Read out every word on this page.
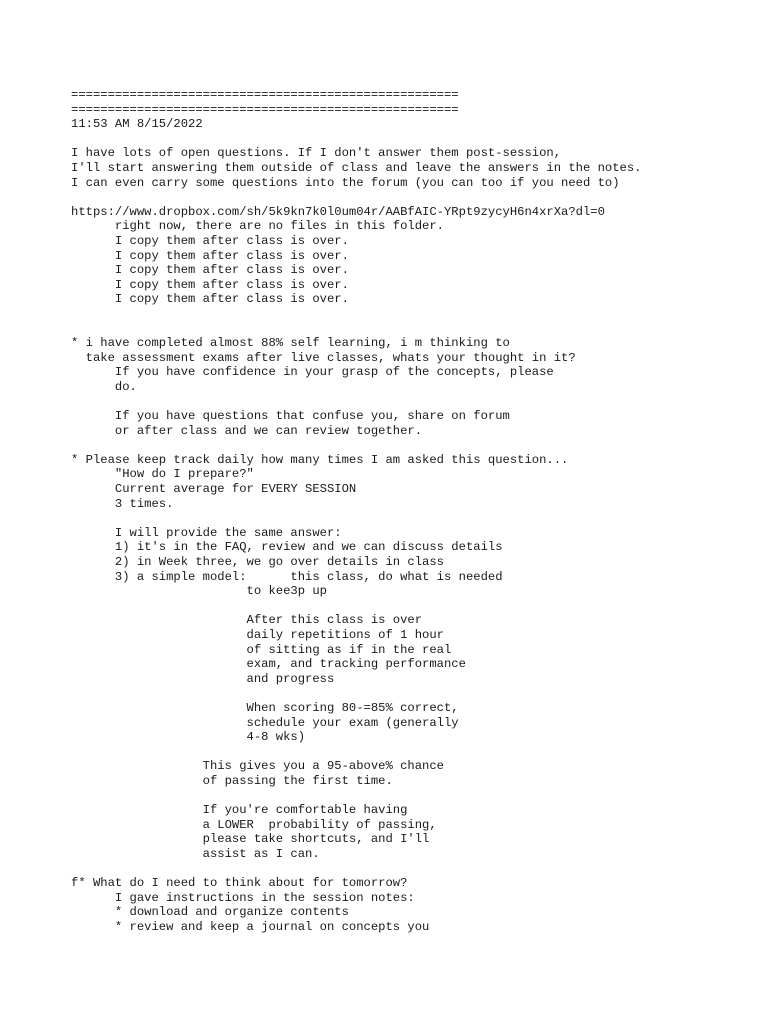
=====================================================
=====================================================
11:53 AM 8/15/2022
I have lots of open questions. If I don't answer them post-session,
I'll start answering them outside of class and leave the answers in the notes.
I can even carry some questions into the forum (you can too if you need to)
https://www.dropbox.com/sh/5k9kn7k0l0um04r/AABfAIC-YRpt9zycyH6n4xrXa?dl=0
right now, there are no files in this folder.
I copy them after class is over.
I copy them after class is over.
I copy them after class is over.
I copy them after class is over.
I copy them after class is over.
* i have completed almost 88% self learning, i m thinking to
take assessment exams after live classes, whats your thought in it?
If you have confidence in your grasp of the concepts, please
do.
If you have questions that confuse you, share on forum
or after class and we can review together.
* Please keep track daily how many times I am asked this question...
"How do I prepare?"
Current average for EVERY SESSION
3 times.
I will provide the same answer:
1) it's in the FAQ, review and we can discuss details
2) in Week three, we go over details in class
3) a simple model:      this class, do what is needed
to kee3p up
After this class is over
daily repetitions of 1 hour
of sitting as if in the real
exam, and tracking performance
and progress
When scoring 80-=85% correct,
schedule your exam (generally
4-8 wks)
This gives you a 95-above% chance
of passing the first time.
If you're comfortable having
a LOWER  probability of passing,
please take shortcuts, and I'll
assist as I can.
f* What do I need to think about for tomorrow?
I gave instructions in the session notes:
* download and organize contents
* review and keep a journal on concepts you
